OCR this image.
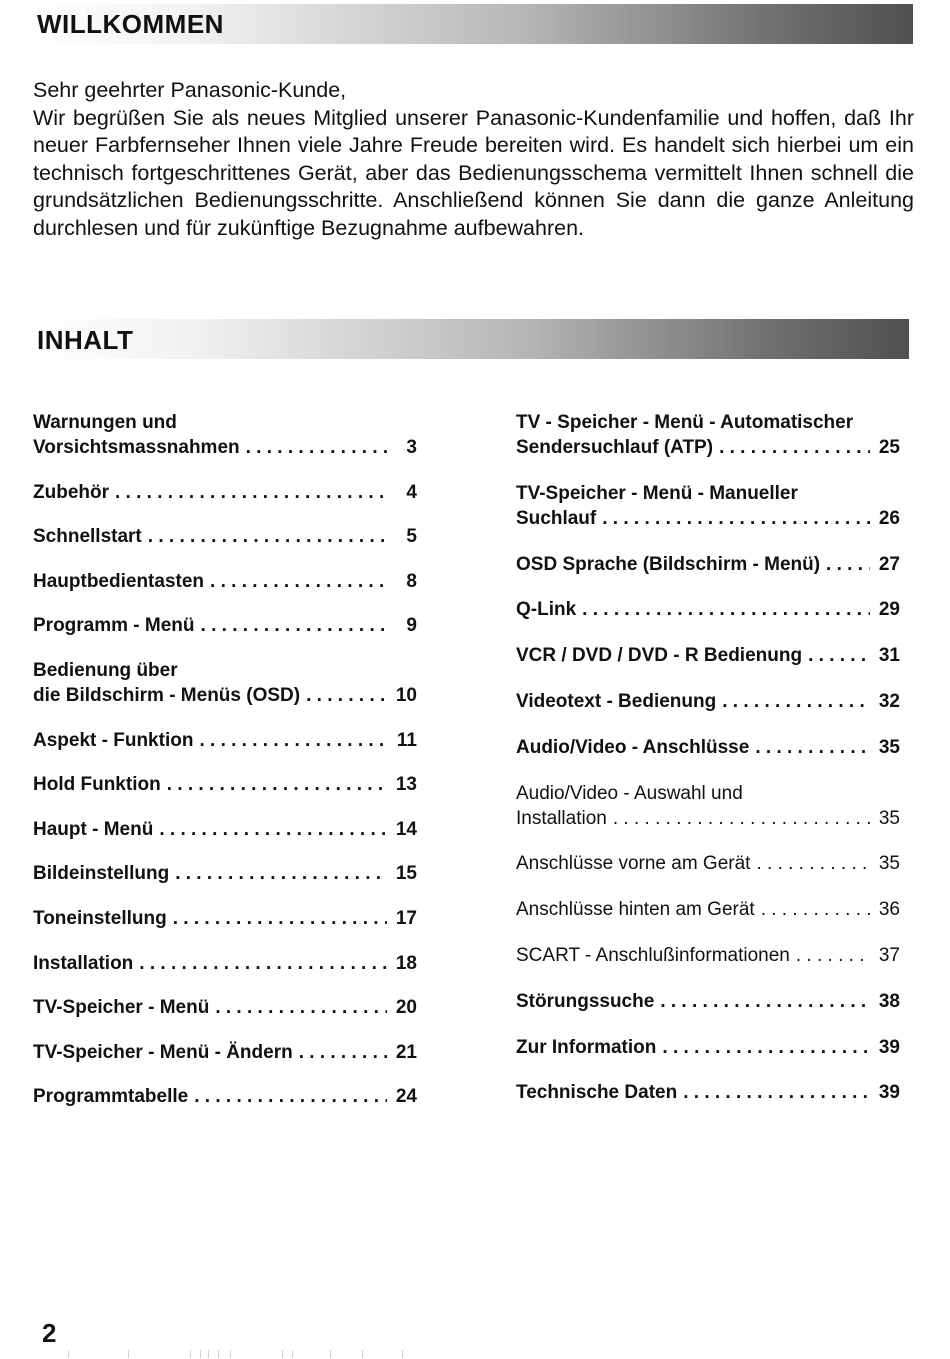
WILLKOMMEN
Sehr geehrter Panasonic-Kunde,
Wir begrüßen Sie als neues Mitglied unserer Panasonic-Kundenfamilie und hoffen, daß Ihr neuer Farbfernseher Ihnen viele Jahre Freude bereiten wird. Es handelt sich hierbei um ein technisch fortgeschrittenes Gerät, aber das Bedienungsschema vermittelt Ihnen schnell die grundsätzlichen Bedienungsschritte. Anschließend können Sie dann die ganze Anleitung durchlesen und für zukünftige Bezugnahme aufbewahren.
INHALT
Warnungen und
Vorsichtsmassnahmen . . .	3
Zubehör . . .	4
Schnellstart . . .	5
Hauptbedientasten . . .	8
Programm - Menü . . .	9
Bedienung über
die Bildschirm - Menüs (OSD) . . .	10
Aspekt - Funktion . . .	11
Hold Funktion . . .	13
Haupt - Menü . . .	14
Bildeinstellung . . .	15
Toneinstellung . . .	17
Installation . . .	18
TV-Speicher - Menü . . .	20
TV-Speicher - Menü - Ändern . . .	21
Programmtabelle . . .	24
TV - Speicher - Menü - Automatischer
Sendersuchlauf (ATP) . . .	25
TV-Speicher - Menü - Manueller
Suchlauf . . .	26
OSD Sprache (Bildschirm - Menü) . . .	27
Q-Link . . .	29
VCR / DVD / DVD - R Bedienung . . .	31
Videotext - Bedienung . . .	32
Audio/Video - Anschlüsse . . .	35
Audio/Video - Auswahl und
Installation . . .	35
Anschlüsse vorne am Gerät . . .	35
Anschlüsse hinten am Gerät . . .	36
SCART - Anschlußinformationen . . .	37
Störungssuche . . .	38
Zur Information . . .	39
Technische Daten . . .	39
2
